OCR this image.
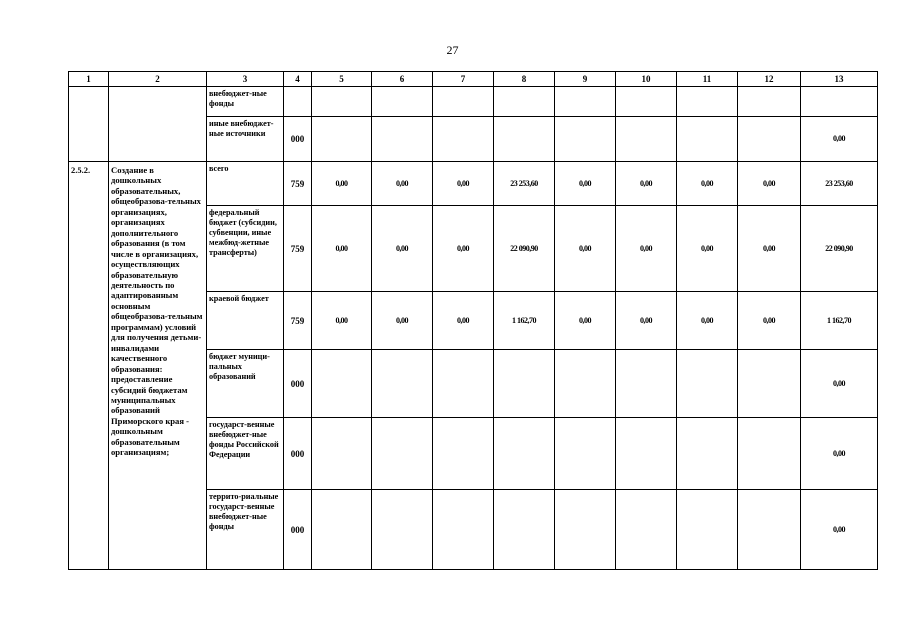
27
1	2	3	4	5	6	7	8	9	10	11	12	13
		внебюджет-ные фонды										
		иные внебюджет-ные источники	000									0,00
2.5.2.	Создание в дошкольных образовательных, общеобразова-тельных организациях, организациях дополнительного образования (в том числе в организациях, осуществляющих образовательную деятельность по адаптированным основным общеобразова-тельным программам) условий для получения детьми-инвалидами качественного образования: предоставление субсидий бюджетам муниципальных образований Приморского края - дошкольным образовательным организациям;	всего	759	0,00	0,00	0,00	23 253,60	0,00	0,00	0,00	0,00	23 253,60
		федеральный бюджет (субсидии, субвенции, иные межбюд-жетные трансферты)	759	0,00	0,00	0,00	22 090,90	0,00	0,00	0,00	0,00	22 090,90
		краевой бюджет	759	0,00	0,00	0,00	1 162,70	0,00	0,00	0,00	0,00	1 162,70
		бюджет муници-пальных образований	000									0,00
		государст-венные внебюджет-ные фонды Российской Федерации	000									0,00
		террито-риальные государст-венные внебюджет-ные фонды	000									0,00
